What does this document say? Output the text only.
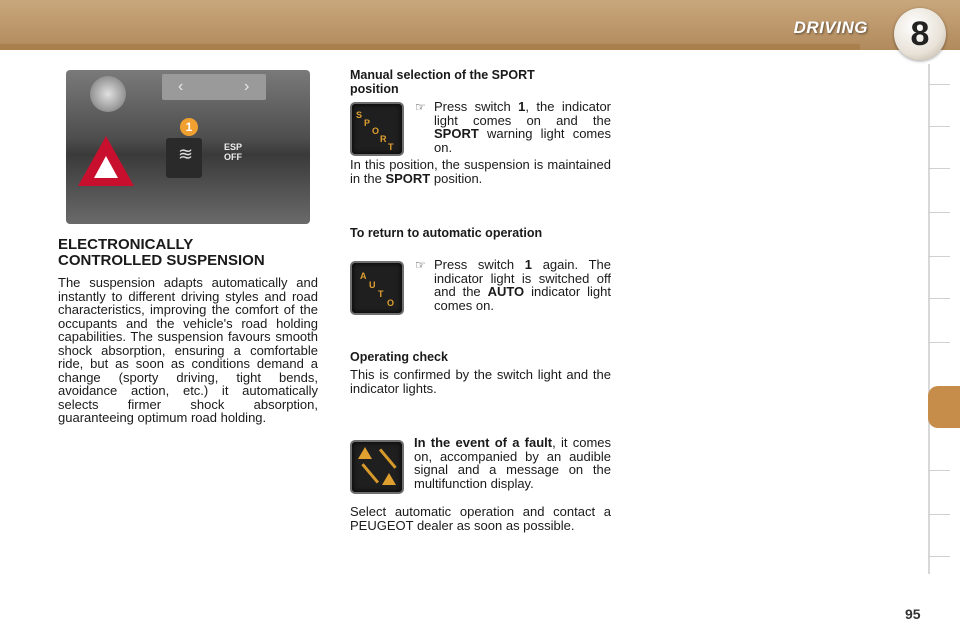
DRIVING	8
‹	›
1
≋	ESP
OFF
ELECTRONICALLY
CONTROLLED SUSPENSION
The suspension adapts automatically and instantly to different driving styles and road characteristics, improving the comfort of the occupants and the vehicle's road holding capabilities. The suspension favours smooth shock absorption, ensuring a comfortable ride, but as soon as conditions demand a change (sporty driving, tight bends, avoidance action, etc.) it automatically selects firmer shock absorption, guaranteeing optimum road holding.
Manual selection of the SPORT
position
S
P
O
R
T
☞ Press switch 1, the indicator light comes on and the SPORT warning light comes on.
In this position, the suspension is maintained in the SPORT position.
To return to automatic operation
A
U
T
O
☞ Press switch 1 again. The indicator light is switched off and the AUTO indicator light comes on.
Operating check
This is confirmed by the switch light and the indicator lights.
In the event of a fault, it comes on, accompanied by an audible signal and a message on the multifunction display.
Select automatic operation and contact a PEUGEOT dealer as soon as possible.
95
